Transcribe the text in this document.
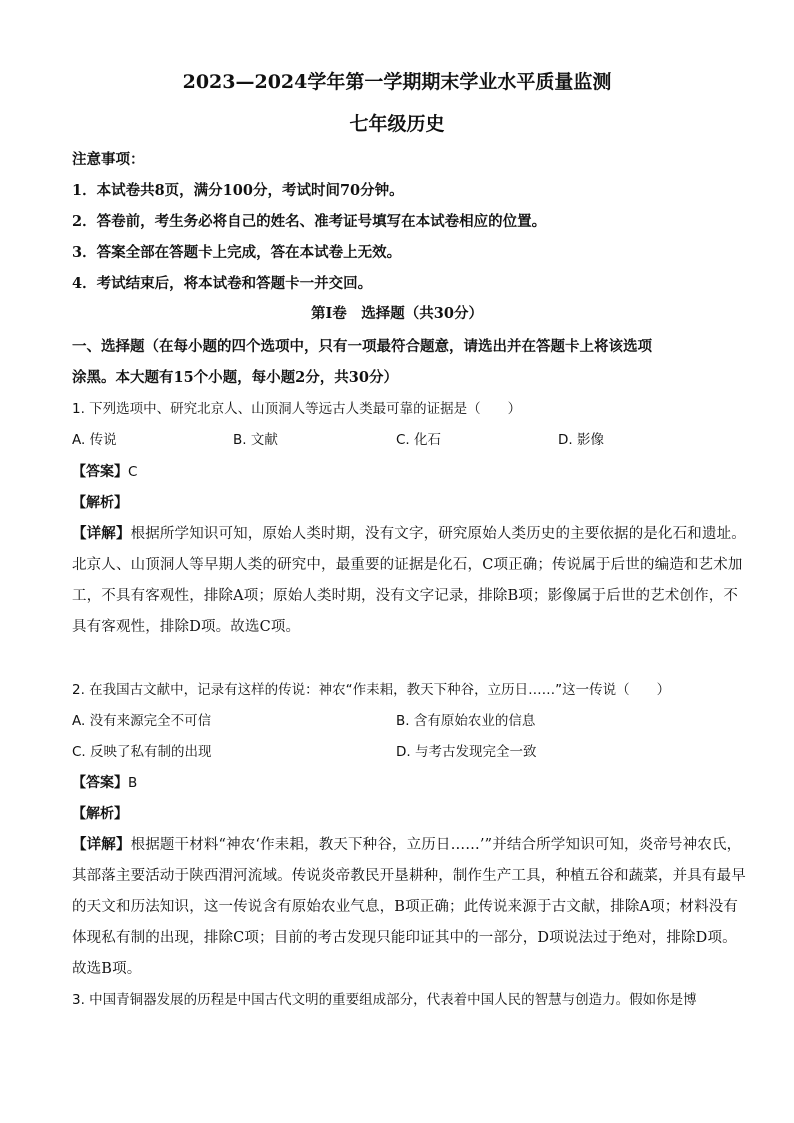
2023—2024学年第一学期期末学业水平质量监测
七年级历史
注意事项：
1．本试卷共8页，满分100分，考试时间70分钟。
2．答卷前，考生务必将自己的姓名、准考证号填写在本试卷相应的位置。
3．答案全部在答题卡上完成，答在本试卷上无效。
4．考试结束后，将本试卷和答题卡一并交回。
第Ⅰ卷　选择题（共30分）
一、选择题（在每小题的四个选项中，只有一项最符合题意，请选出并在答题卡上将该选项
涂黑。本大题有15个小题，每小题2分，共30分）
1. 下列选项中、研究北京人、山顶洞人等远古人类最可靠的证据是（　　）
A. 传说	B. 文献	C. 化石	D. 影像
【答案】C
【解析】
【详解】根据所学知识可知，原始人类时期，没有文字，研究原始人类历史的主要依据的是化石和遗址。
北京人、山顶洞人等早期人类的研究中，最重要的证据是化石，C项正确；传说属于后世的编造和艺术加
工，不具有客观性，排除A项；原始人类时期，没有文字记录，排除B项；影像属于后世的艺术创作，不
具有客观性，排除D项。故选C项。
2. 在我国古文献中，记录有这样的传说：神农“作耒耜，教天下种谷，立历日……”这一传说（　　）
A. 没有来源完全不可信	B. 含有原始农业的信息
C. 反映了私有制的出现	D. 与考古发现完全一致
【答案】B
【解析】
【详解】根据题干材料“神农‘作耒耜，教天下种谷，立历日……’”并结合所学知识可知，炎帝号神农氏，
其部落主要活动于陕西渭河流域。传说炎帝教民开垦耕种，制作生产工具，种植五谷和蔬菜，并具有最早
的天文和历法知识，这一传说含有原始农业气息，B项正确；此传说来源于古文献，排除A项；材料没有
体现私有制的出现，排除C项；目前的考古发现只能印证其中的一部分，D项说法过于绝对，排除D项。
故选B项。
3. 中国青铜器发展的历程是中国古代文明的重要组成部分，代表着中国人民的智慧与创造力。假如你是博
